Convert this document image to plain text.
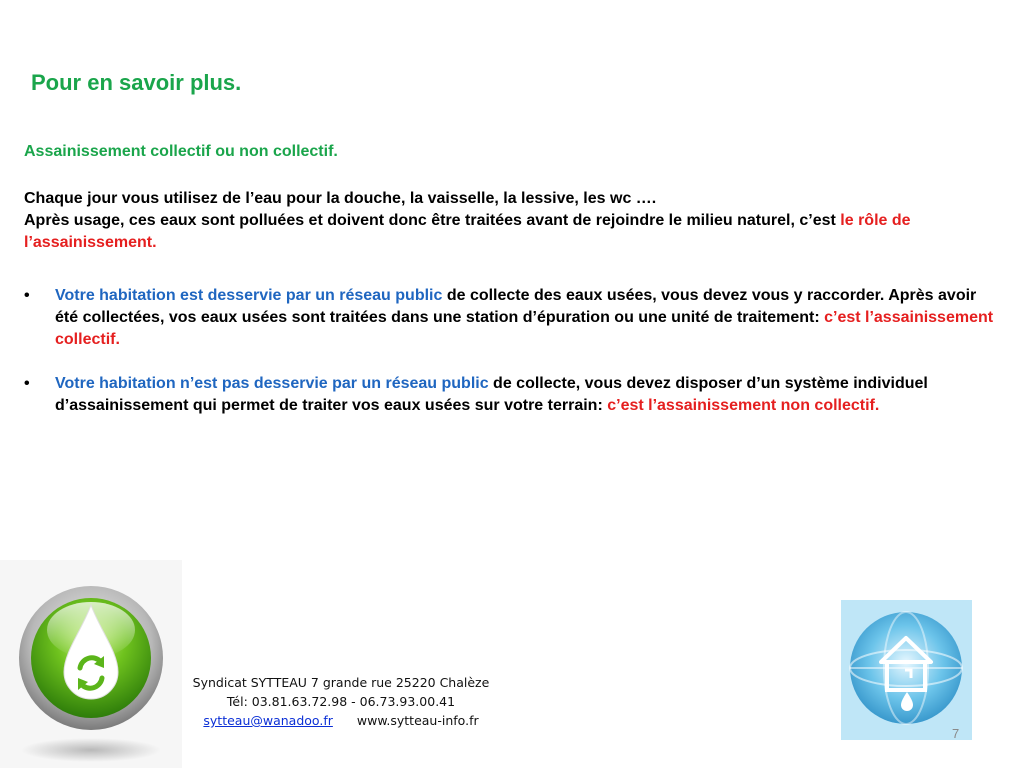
Pour en savoir plus.
Assainissement collectif ou non collectif.
Chaque jour vous utilisez de l’eau pour la douche, la vaisselle, la lessive, les wc ….
Après usage, ces eaux sont polluées et doivent donc être traitées avant de rejoindre le milieu naturel, c’est le rôle de l’assainissement.
• Votre habitation est desservie par un réseau public de collecte des eaux usées, vous devez vous y raccorder. Après avoir été collectées, vos eaux usées sont traitées dans une station d’épuration ou une unité de traitement: c’est l’assainissement collectif.
• Votre habitation n’est pas desservie par un réseau public de collecte, vous devez disposer d’un système individuel d’assainissement qui permet de traiter vos eaux usées sur votre terrain: c’est l’assainissement non collectif.
Syndicat SYTTEAU 7 grande rue 25220 Chalèze
Tél: 03.81.63.72.98 - 06.73.93.00.41
sytteau@wanadoo.fr www.sytteau-info.fr
7
